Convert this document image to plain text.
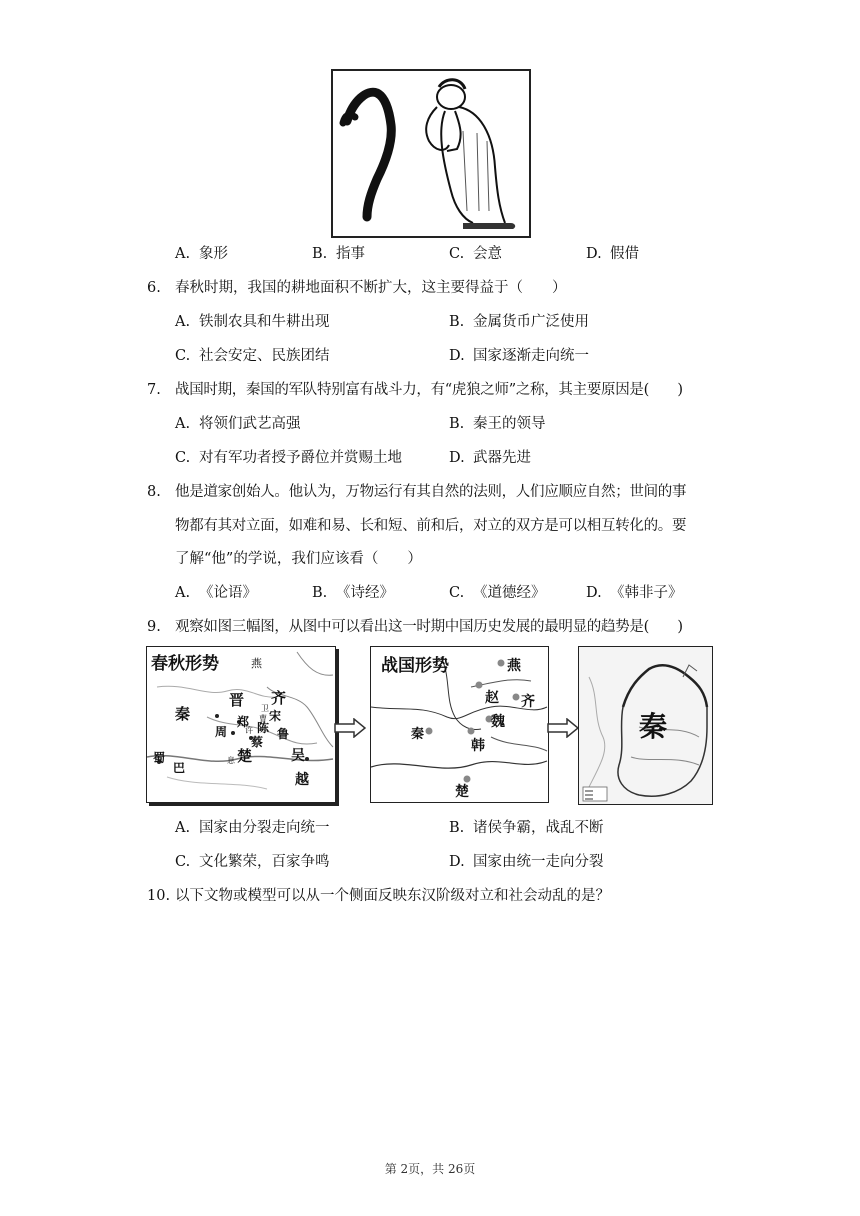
A. 象形	B. 指事	C. 会意	D. 假借
6. 春秋时期，我国的耕地面积不断扩大，这主要得益于（　　）
A. 铁制农具和牛耕出现	B. 金属货币广泛使用
C. 社会安定、民族团结	D. 国家逐渐走向统一
7. 战国时期，秦国的军队特别富有战斗力，有“虎狼之师”之称，其主要原因是(　　)
A. 将领们武艺高强	B. 秦王的领导
C. 对有军功者授予爵位并赏赐土地	D. 武器先进
8. 他是道家创始人。他认为，万物运行有其自然的法则，人们应顺应自然；世间的事
物都有其对立面，如难和易、长和短、前和后，对立的双方是可以相互转化的。要
了解“他”的学说，我们应该看（　　）
A. 《论语》	B. 《诗经》	C. 《道德经》	D. 《韩非子》
9. 观察如图三幅图，从图中可以看出这一时期中国历史发展的最明显的趋势是(　　)
春秋形势	燕
晋 齐
秦
周
郑 宋
陈 鲁
蔡
吴
楚
蜀
巴
越
卫
曹
许
息
战国形势	燕
赵 齐
魏
秦
韩
楚
秦
A. 国家由分裂走向统一	B. 诸侯争霸，战乱不断
C. 文化繁荣，百家争鸣	D. 国家由统一走向分裂
10. 以下文物或模型可以从一个侧面反映东汉阶级对立和社会动乱的是？
第 2页，共 26页
